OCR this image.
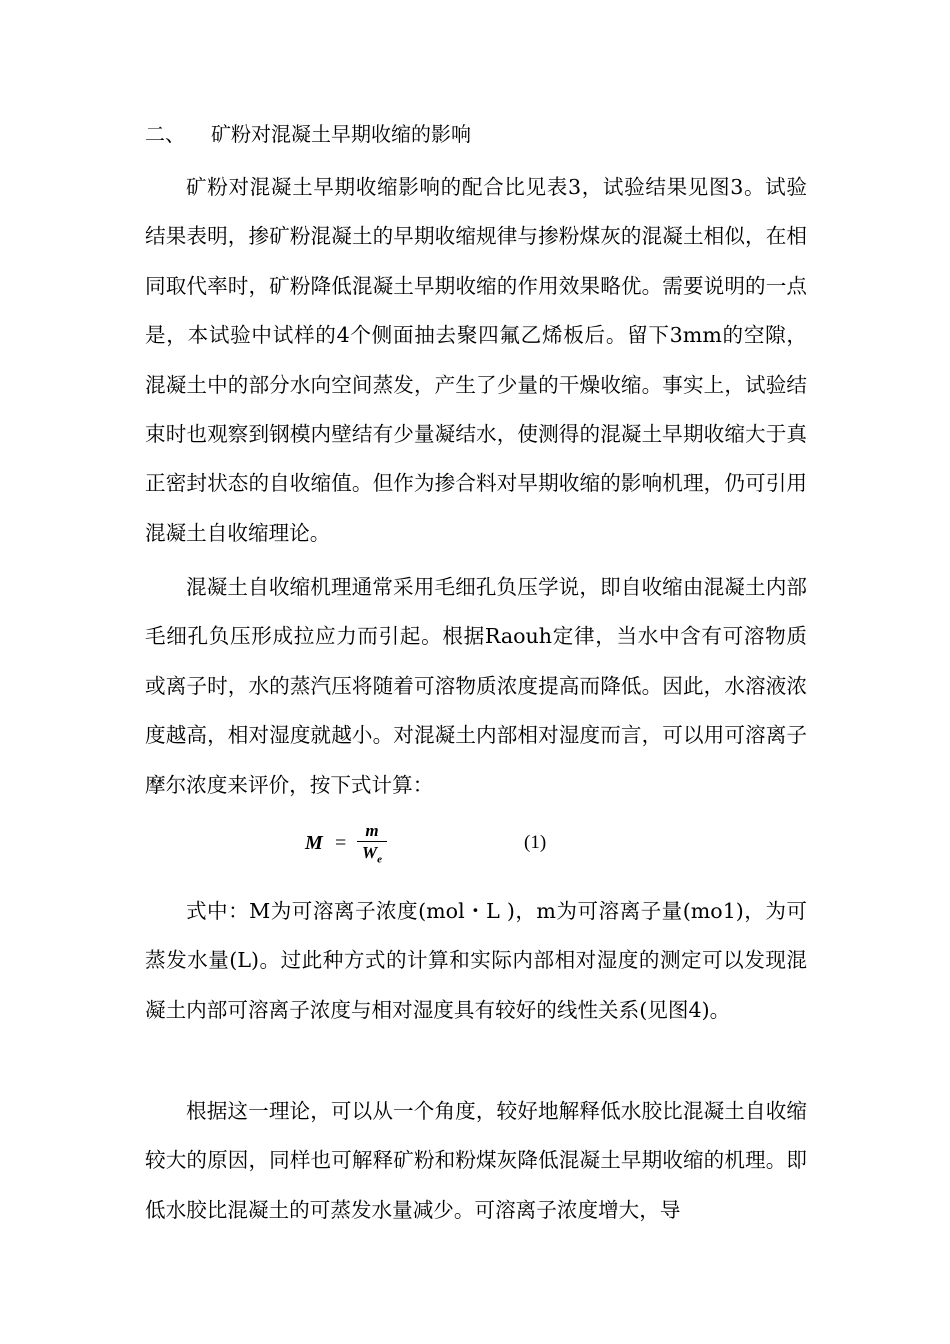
二、 矿粉对混凝土早期收缩的影响

矿粉对混凝土早期收缩影响的配合比见表3，试验结果见图3。试验结果表明，掺矿粉混凝土的早期收缩规律与掺粉煤灰的混凝土相似，在相同取代率时，矿粉降低混凝土早期收缩的作用效果略优。需要说明的一点是，本试验中试样的4个侧面抽去聚四氟乙烯板后。留下3mm的空隙，混凝土中的部分水向空间蒸发，产生了少量的干燥收缩。事实上，试验结束时也观察到钢模内壁结有少量凝结水，使测得的混凝土早期收缩大于真正密封状态的自收缩值。但作为掺合料对早期收缩的影响机理，仍可引用混凝土自收缩理论。

混凝土自收缩机理通常采用毛细孔负压学说，即自收缩由混凝土内部毛细孔负压形成拉应力而引起。根据Raouh定律，当水中含有可溶物质或离子时，水的蒸汽压将随着可溶物质浓度提高而降低。因此，水溶液浓度越高，相对湿度就越小。对混凝土内部相对湿度而言，可以用可溶离子摩尔浓度来评价，按下式计算：

M =
m
$W_e$
(1)

式中：M为可溶离子浓度(mol・L )，m为可溶离子量(mo1)，为可蒸发水量(L)。过此种方式的计算和实际内部相对湿度的测定可以发现混凝土内部可溶离子浓度与相对湿度具有较好的线性关系(见图4)。

根据这一理论，可以从一个角度，较好地解释低水胶比混凝土自收缩较大的原因，同样也可解释矿粉和粉煤灰降低混凝土早期收缩的机理。即低水胶比混凝土的可蒸发水量减少。可溶离子浓度增大，导
